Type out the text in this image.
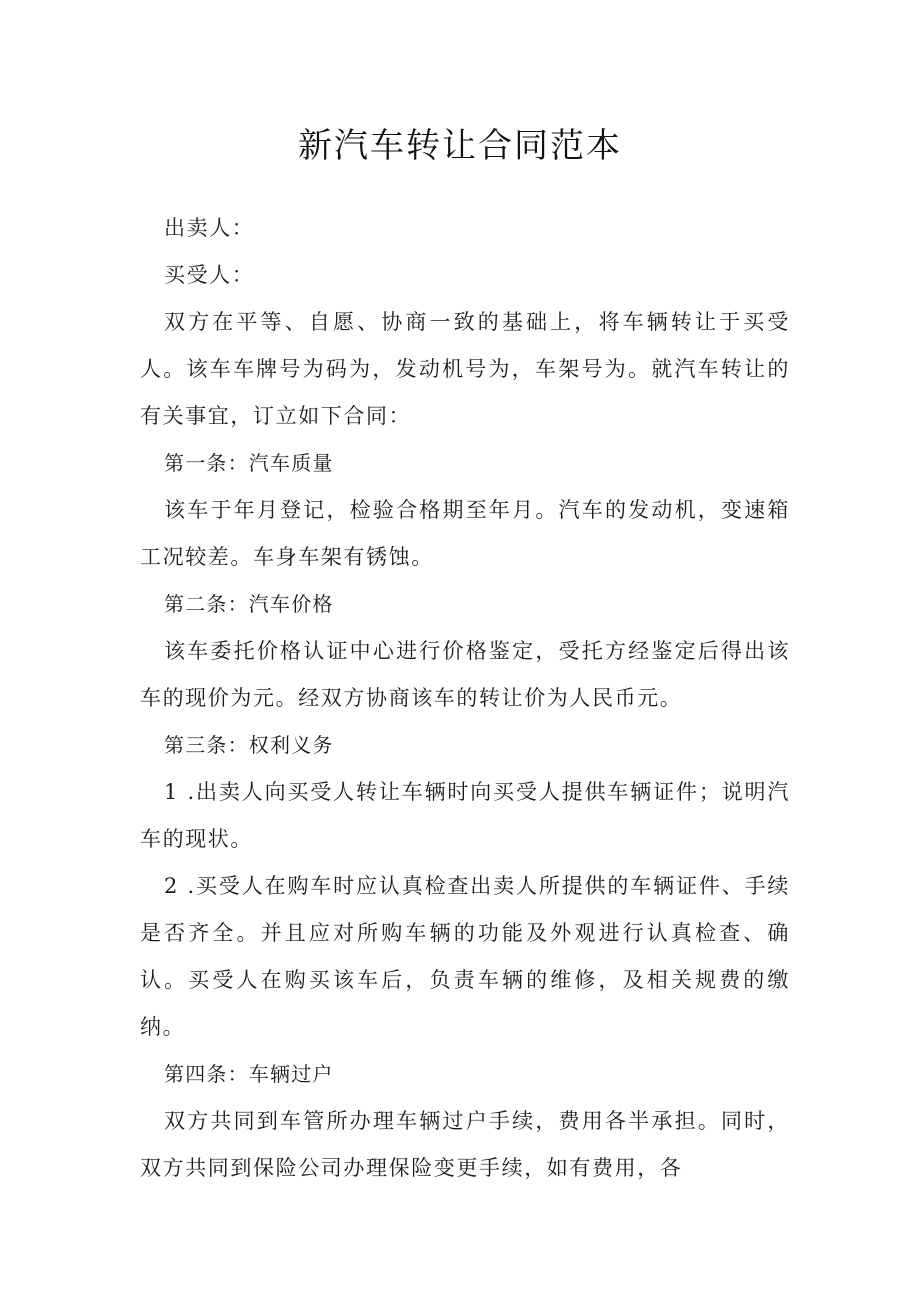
新汽车转让合同范本

出卖人：

买受人：

双方在平等、自愿、协商一致的基础上，将车辆转让于买受人。该车车牌号为码为，发动机号为，车架号为。就汽车转让的有关事宜，订立如下合同：

第一条：汽车质量

该车于年月登记，检验合格期至年月。汽车的发动机，变速箱工况较差。车身车架有锈蚀。

第二条：汽车价格

该车委托价格认证中心进行价格鉴定，受托方经鉴定后得出该车的现价为元。经双方协商该车的转让价为人民币元。

第三条：权利义务

1 .出卖人向买受人转让车辆时向买受人提供车辆证件；说明汽车的现状。

2 .买受人在购车时应认真检查出卖人所提供的车辆证件、手续是否齐全。并且应对所购车辆的功能及外观进行认真检查、确认。买受人在购买该车后，负责车辆的维修，及相关规费的缴纳。

第四条：车辆过户

双方共同到车管所办理车辆过户手续，费用各半承担。同时，双方共同到保险公司办理保险变更手续，如有费用，各
